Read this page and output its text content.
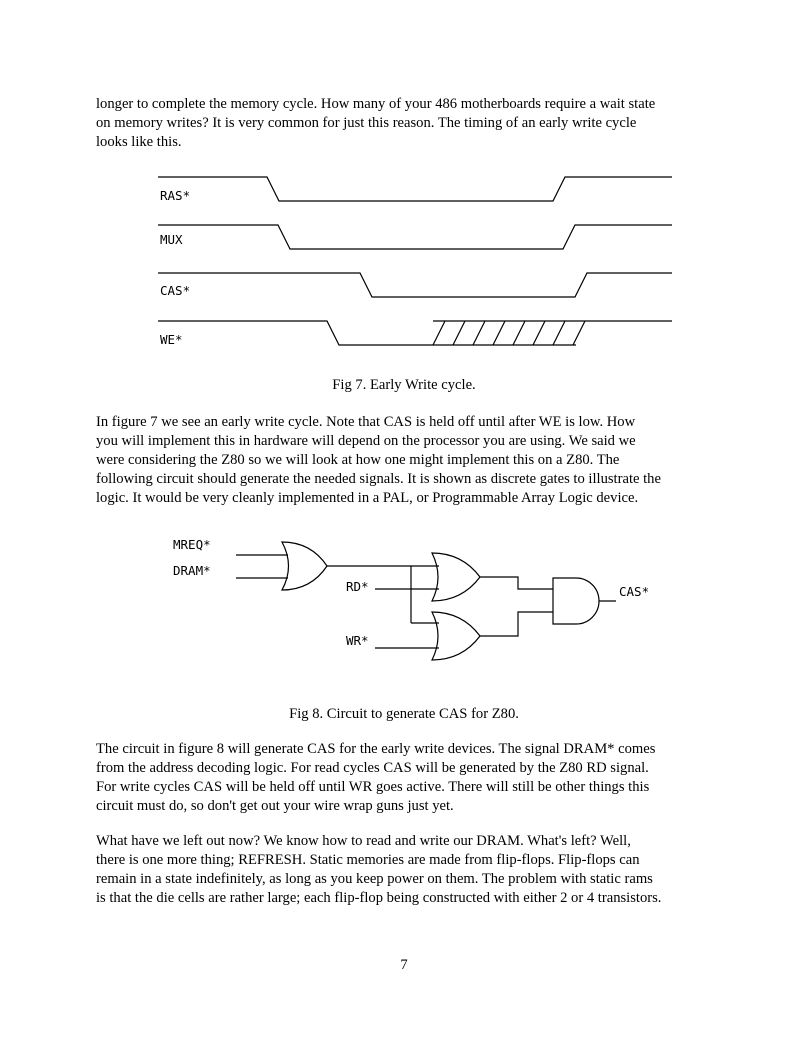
longer to complete the memory cycle. How many of your 486 motherboards require a wait state
on memory writes? It is very common for just this reason. The timing of an early write cycle
looks like this.
RAS*
MUX
CAS*
WE*
Fig 7. Early Write cycle.
In figure 7 we see an early write cycle. Note that CAS is held off until after WE is low. How
you will implement this in hardware will depend on the processor you are using. We said we
were considering the Z80 so we will look at how one might implement this on a Z80. The
following circuit should generate the needed signals. It is shown as discrete gates to illustrate the
logic. It would be very cleanly implemented in a PAL, or Programmable Array Logic device.
MREQ*
DRAM*
RD*
WR*
CAS*
Fig 8. Circuit to generate CAS for Z80.
The circuit in figure 8 will generate CAS for the early write devices. The signal DRAM* comes
from the address decoding logic. For read cycles CAS will be generated by the Z80 RD signal.
For write cycles CAS will be held off until WR goes active. There will still be other things this
circuit must do, so don't get out your wire wrap guns just yet.
What have we left out now? We know how to read and write our DRAM. What's left? Well,
there is one more thing; REFRESH. Static memories are made from flip-flops. Flip-flops can
remain in a state indefinitely, as long as you keep power on them. The problem with static rams
is that the die cells are rather large; each flip-flop being constructed with either 2 or 4 transistors.
7
